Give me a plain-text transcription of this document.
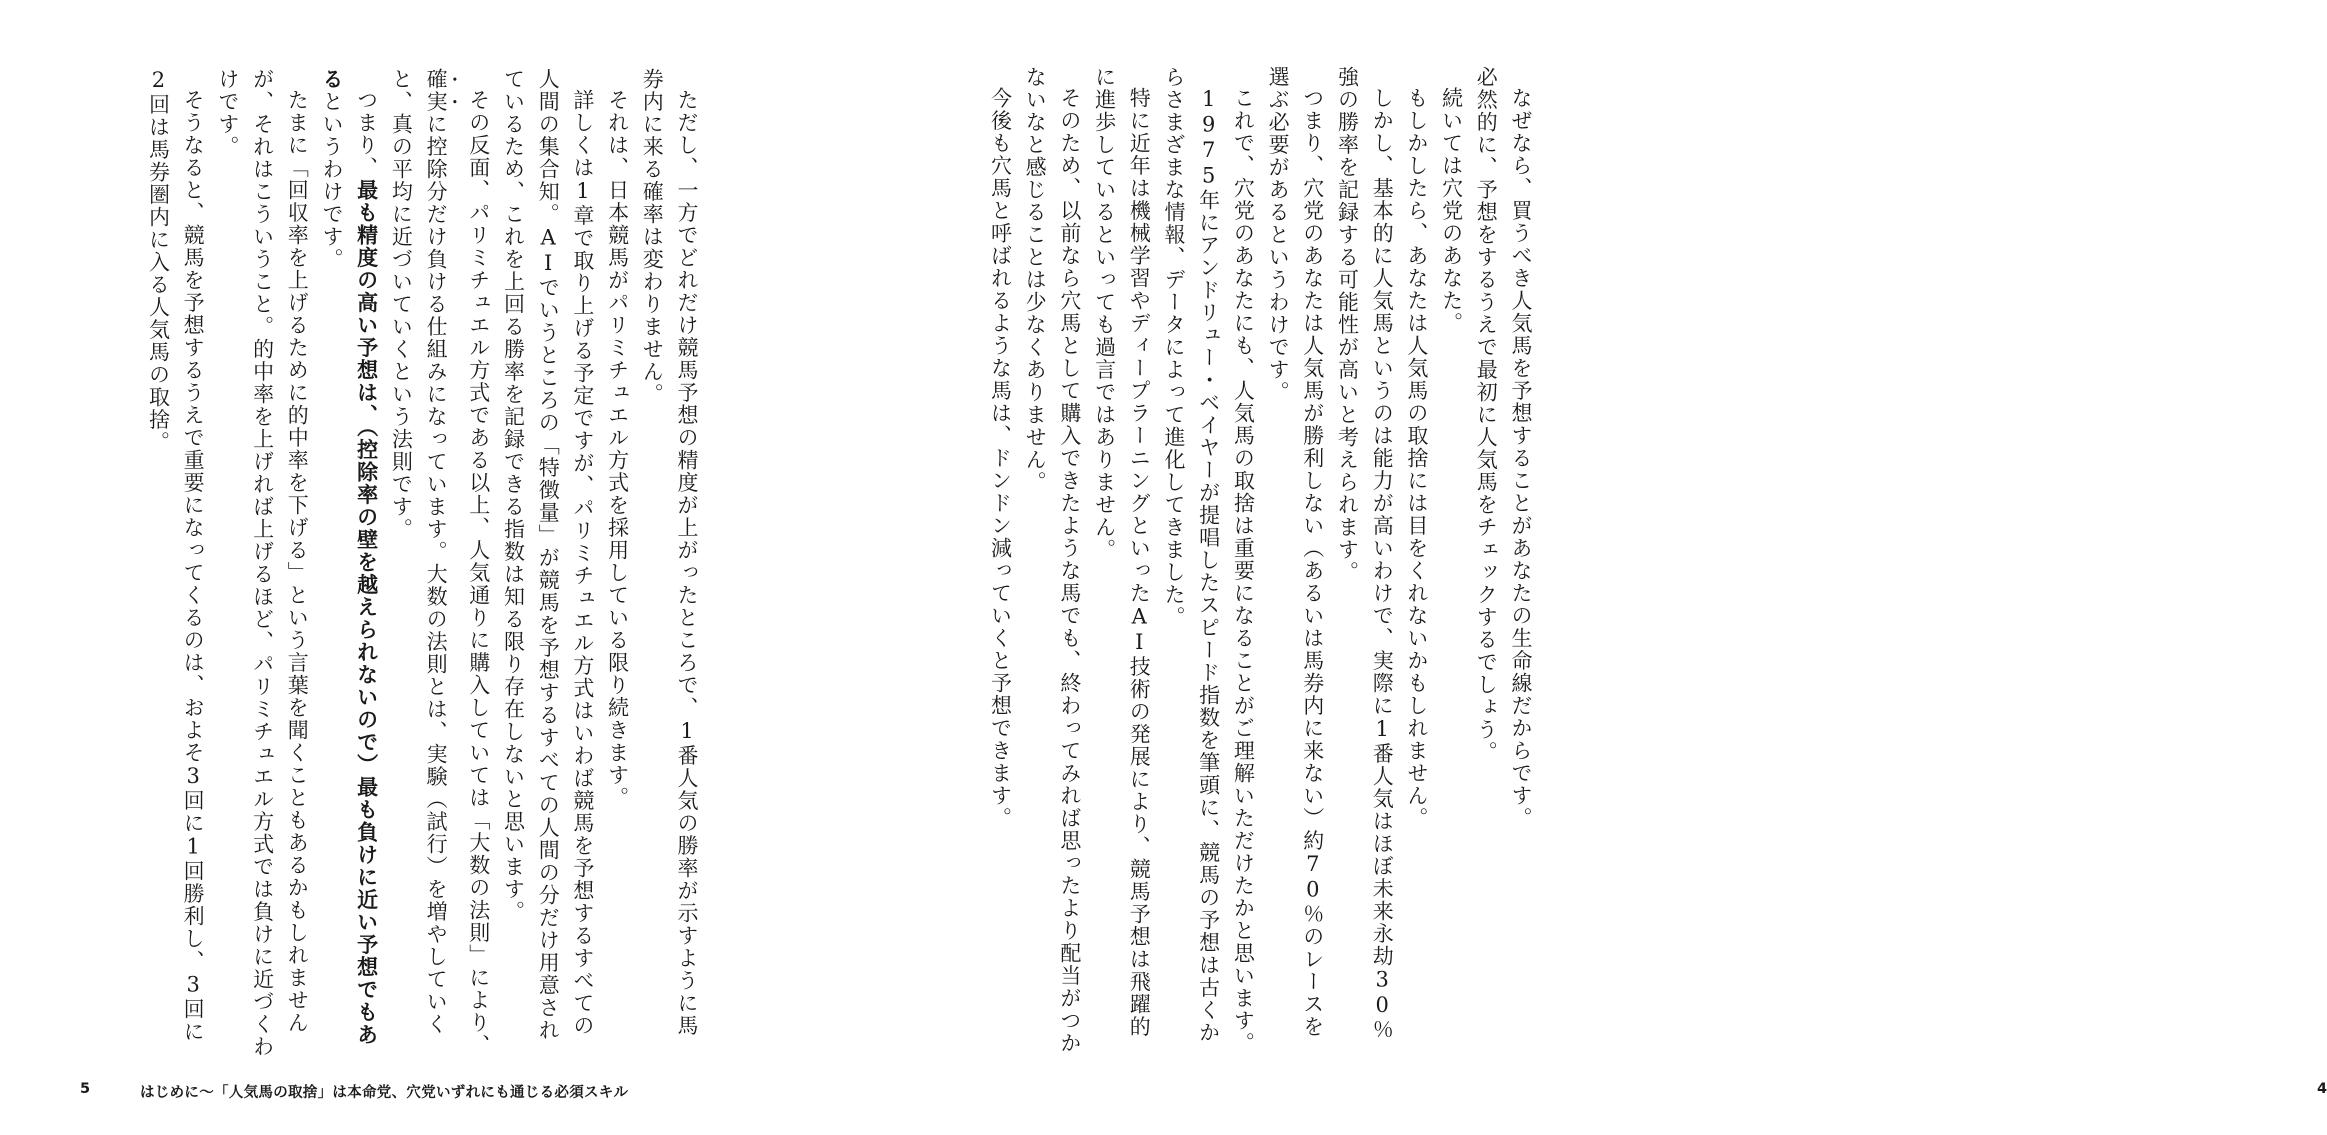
なぜなら、買うべき人気馬を予想することがあなたの生命線だからです。

必然的に、予想をするうえで最初に人気馬をチェックするでしょう。

続いては穴党のあなた。

もしかしたら、あなたは人気馬の取捨には目をくれないかもしれません。

しかし、基本的に人気馬というのは能力が高いわけで、実際に1番人気はほぼ未来永劫30％強の勝率を記録する可能性が高いと考えられます。

つまり、穴党のあなたは人気馬が勝利しない（あるいは馬券内に来ない）約70％のレースを選ぶ必要があるというわけです。

これで、穴党のあなたにも、人気馬の取捨は重要になることがご理解いただけたかと思います。

1975年にアンドリュー・ベイヤーが提唱したスピード指数を筆頭に、競馬の予想は古くからさまざまな情報、データによって進化してきました。

特に近年は機械学習やディープラーニングといったAI技術の発展により、競馬予想は飛躍的に進歩しているといっても過言ではありません。

そのため、以前なら穴馬として購入できたような馬でも、終わってみれば思ったより配当がつかないなと感じることは少なくありません。

今後も穴馬と呼ばれるような馬は、ドンドン減っていくと予想できます。

4

ただし、一方でどれだけ競馬予想の精度が上がったところで、1番人気の勝率が示すように馬券内に来る確率は変わりません。

それは、日本競馬がパリミチュエル方式を採用している限り続きます。

詳しくは1章で取り上げる予定ですが、パリミチュエル方式はいわば競馬を予想するすべての人間の集合知。AIでいうところの「特徴量」が競馬を予想するすべての人間の分だけ用意されているため、これを上回る勝率を記録できる指数は知る限り存在しないと思います。

その反面、パリミチュエル方式である以上、人気通りに購入していては「大数の法則」により、確実に控除分だけ負ける仕組みになっています。大数の法則とは、実験（試行）を増やしていくと、真の平均に近づいていくという法則です。

つまり、最も精度の高い予想は、（控除率の壁を越えられないので）最も負けに近い予想でもあるというわけです。

たまに「回収率を上げるために的中率を下げる」という言葉を聞くこともあるかもしれませんが、それはこういうこと。的中率を上げれば上げるほど、パリミチュエル方式では負けに近づくわけです。

そうなると、競馬を予想するうえで重要になってくるのは、およそ3回に1回勝利し、3回に2回は馬券圏内に入る人気馬の取捨。

5	はじめに～「人気馬の取捨」は本命党、穴党いずれにも通じる必須スキル
